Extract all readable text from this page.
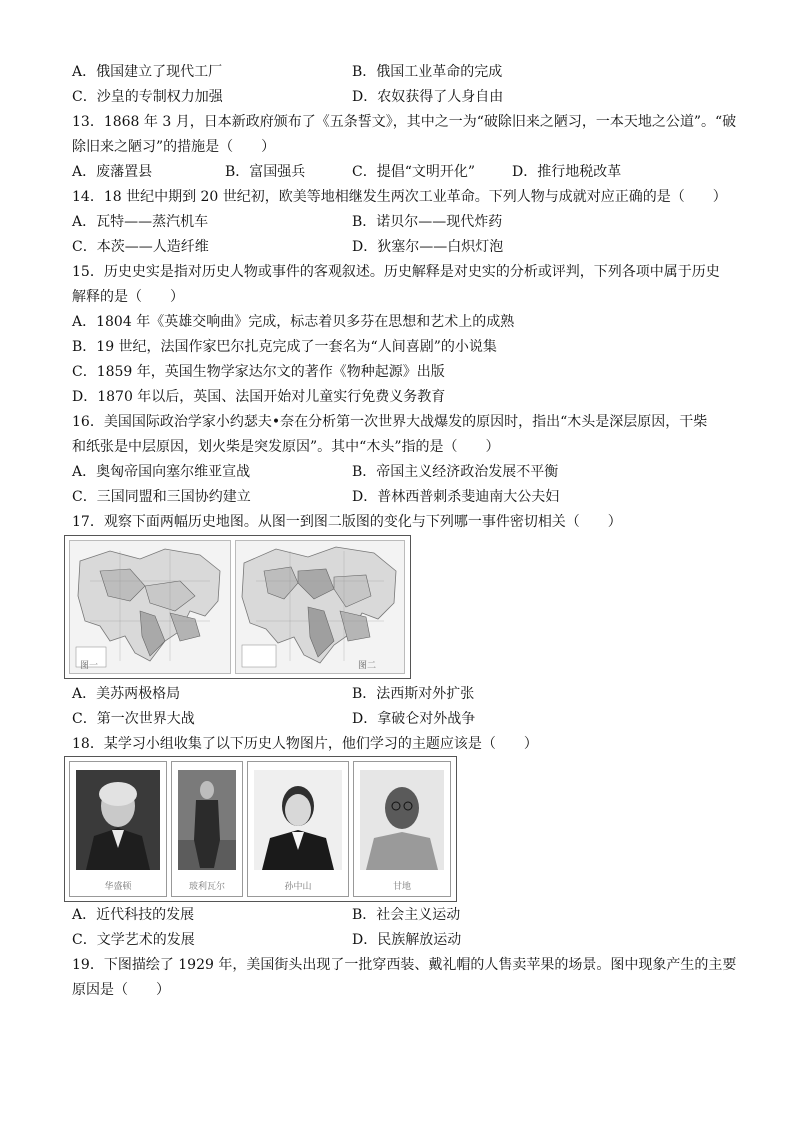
A．俄国建立了现代工厂	B．俄国工业革命的完成
C．沙皇的专制权力加强	D．农奴获得了人身自由
13．1868 年 3 月，日本新政府颁布了《五条誓文》，其中之一为“破除旧来之陋习，一本天地之公道”。“破
除旧来之陋习”的措施是（　　）
A．废藩置县	B．富国强兵	C．提倡“文明开化”	D．推行地税改革
14．18 世纪中期到 20 世纪初，欧美等地相继发生两次工业革命。下列人物与成就对应正确的是（　　）
A．瓦特——蒸汽机车	B．诺贝尔——现代炸药
C．本茨——人造纤维	D．狄塞尔——白炽灯泡
15．历史史实是指对历史人物或事件的客观叙述。历史解释是对史实的分析或评判，下列各项中属于历史
解释的是（　　）
A．1804 年《英雄交响曲》完成，标志着贝多芬在思想和艺术上的成熟
B．19 世纪，法国作家巴尔扎克完成了一套名为“人间喜剧”的小说集
C．1859 年，英国生物学家达尔文的著作《物种起源》出版
D．1870 年以后，英国、法国开始对儿童实行免费义务教育
16．美国国际政治学家小约瑟夫•奈在分析第一次世界大战爆发的原因时，指出“木头是深层原因，干柴
和纸张是中层原因，划火柴是突发原因”。其中“木头”指的是（　　）
A．奥匈帝国向塞尔维亚宣战	B．帝国主义经济政治发展不平衡
C．三国同盟和三国协约建立	D．普林西普刺杀斐迪南大公夫妇
17．观察下面两幅历史地图。从图一到图二版图的变化与下列哪一事件密切相关（　　）
图一	图二
A．美苏两极格局	B．法西斯对外扩张
C．第一次世界大战	D．拿破仑对外战争
18．某学习小组收集了以下历史人物图片，他们学习的主题应该是（　　）
华盛顿	玻利瓦尔	孙中山	甘地
A．近代科技的发展	B．社会主义运动
C．文学艺术的发展	D．民族解放运动
19．下图描绘了 1929 年，美国街头出现了一批穿西装、戴礼帽的人售卖苹果的场景。图中现象产生的主要
原因是（　　）
